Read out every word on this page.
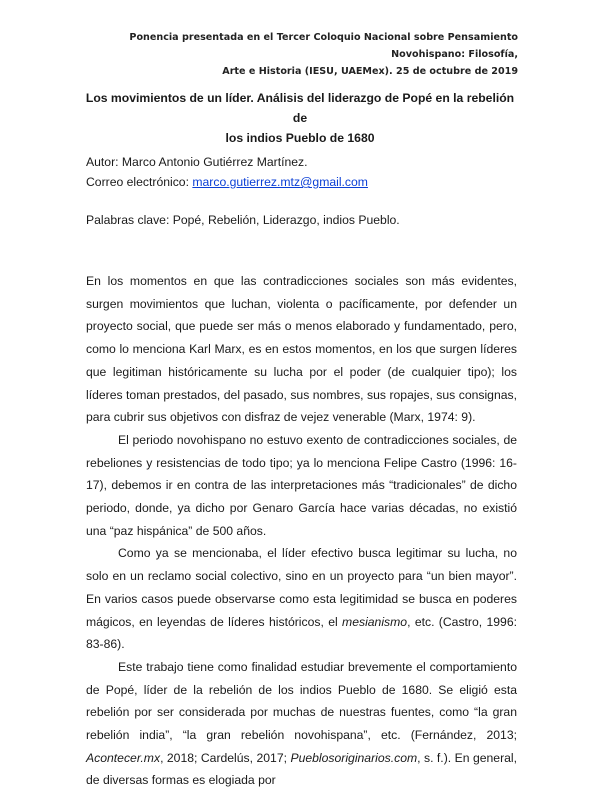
Ponencia presentada en el Tercer Coloquio Nacional sobre Pensamiento Novohispano: Filosofía,
Arte e Historia (IESU, UAEMex). 25 de octubre de 2019
Los movimientos de un líder. Análisis del liderazgo de Popé en la rebelión de
los indios Pueblo de 1680
Autor: Marco Antonio Gutiérrez Martínez.
Correo electrónico: marco.gutierrez.mtz@gmail.com
Palabras clave: Popé, Rebelión, Liderazgo, indios Pueblo.

En los momentos en que las contradicciones sociales son más evidentes, surgen movimientos que luchan, violenta o pacíficamente, por defender un proyecto social, que puede ser más o menos elaborado y fundamentado, pero, como lo menciona Karl Marx, es en estos momentos, en los que surgen líderes que legitiman históricamente su lucha por el poder (de cualquier tipo); los líderes toman prestados, del pasado, sus nombres, sus ropajes, sus consignas, para cubrir sus objetivos con disfraz de vejez venerable (Marx, 1974: 9).

El periodo novohispano no estuvo exento de contradicciones sociales, de rebeliones y resistencias de todo tipo; ya lo menciona Felipe Castro (1996: 16-17), debemos ir en contra de las interpretaciones más “tradicionales” de dicho periodo, donde, ya dicho por Genaro García hace varias décadas, no existió una “paz hispánica” de 500 años.

Como ya se mencionaba, el líder efectivo busca legitimar su lucha, no solo en un reclamo social colectivo, sino en un proyecto para “un bien mayor”. En varios casos puede observarse como esta legitimidad se busca en poderes mágicos, en leyendas de líderes históricos, el mesianismo, etc. (Castro, 1996: 83-86).

Este trabajo tiene como finalidad estudiar brevemente el comportamiento de Popé, líder de la rebelión de los indios Pueblo de 1680. Se eligió esta rebelión por ser considerada por muchas de nuestras fuentes, como “la gran rebelión india”, “la gran rebelión novohispana”, etc. (Fernández, 2013; Acontecer.mx, 2018; Cardelús, 2017; Pueblosoriginarios.com, s. f.). En general, de diversas formas es elogiada por
